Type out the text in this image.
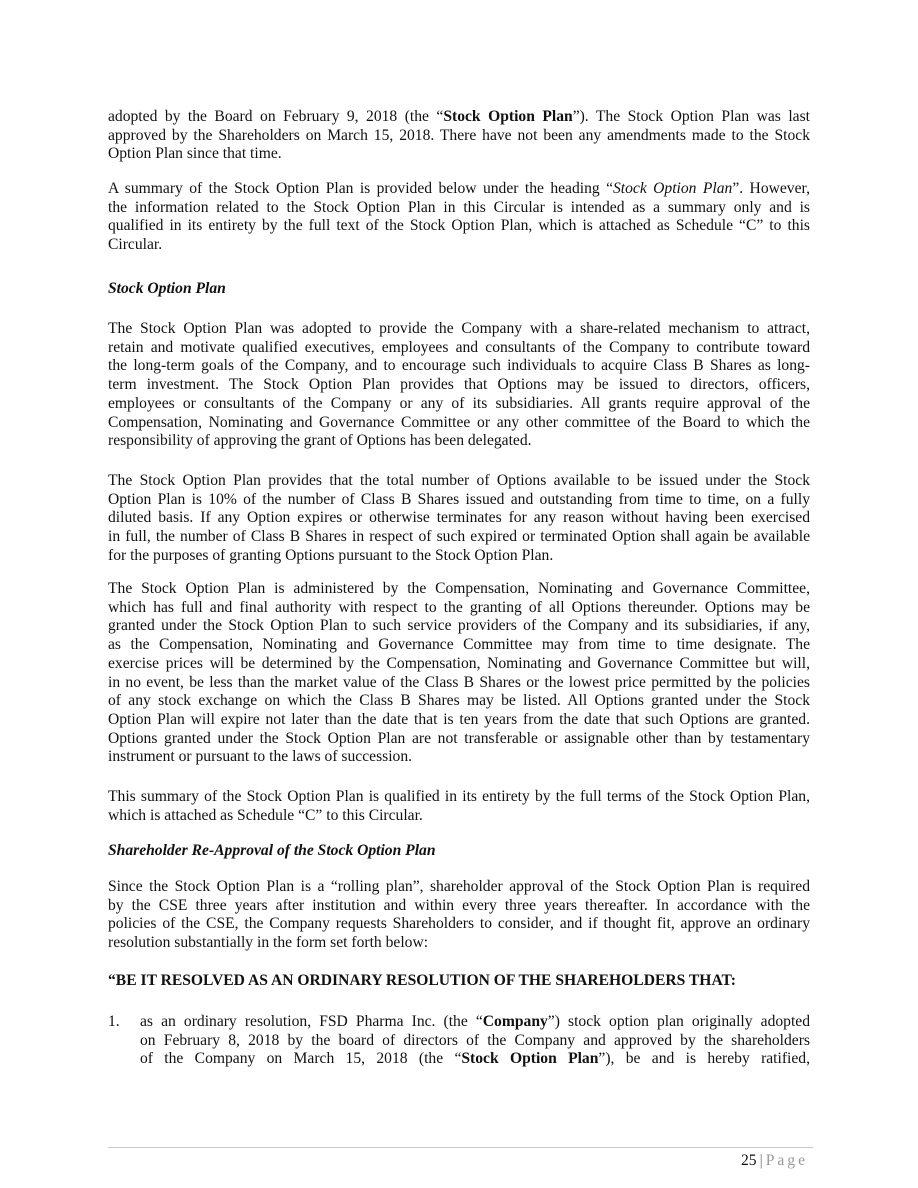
adopted by the Board on February 9, 2018 (the “Stock Option Plan”). The Stock Option Plan was last
approved by the Shareholders on March 15, 2018. There have not been any amendments made to the Stock
Option Plan since that time.
A summary of the Stock Option Plan is provided below under the heading “Stock Option Plan”. However,
the information related to the Stock Option Plan in this Circular is intended as a summary only and is
qualified in its entirety by the full text of the Stock Option Plan, which is attached as Schedule “C” to this
Circular.
Stock Option Plan
The Stock Option Plan was adopted to provide the Company with a share-related mechanism to attract,
retain and motivate qualified executives, employees and consultants of the Company to contribute toward
the long-term goals of the Company, and to encourage such individuals to acquire Class B Shares as long-
term investment. The Stock Option Plan provides that Options may be issued to directors, officers,
employees or consultants of the Company or any of its subsidiaries. All grants require approval of the
Compensation, Nominating and Governance Committee or any other committee of the Board to which the
responsibility of approving the grant of Options has been delegated.
The Stock Option Plan provides that the total number of Options available to be issued under the Stock
Option Plan is 10% of the number of Class B Shares issued and outstanding from time to time, on a fully
diluted basis. If any Option expires or otherwise terminates for any reason without having been exercised
in full, the number of Class B Shares in respect of such expired or terminated Option shall again be available
for the purposes of granting Options pursuant to the Stock Option Plan.
The Stock Option Plan is administered by the Compensation, Nominating and Governance Committee,
which has full and final authority with respect to the granting of all Options thereunder. Options may be
granted under the Stock Option Plan to such service providers of the Company and its subsidiaries, if any,
as the Compensation, Nominating and Governance Committee may from time to time designate. The
exercise prices will be determined by the Compensation, Nominating and Governance Committee but will,
in no event, be less than the market value of the Class B Shares or the lowest price permitted by the policies
of any stock exchange on which the Class B Shares may be listed. All Options granted under the Stock
Option Plan will expire not later than the date that is ten years from the date that such Options are granted.
Options granted under the Stock Option Plan are not transferable or assignable other than by testamentary
instrument or pursuant to the laws of succession.
This summary of the Stock Option Plan is qualified in its entirety by the full terms of the Stock Option Plan,
which is attached as Schedule “C” to this Circular.
Shareholder Re-Approval of the Stock Option Plan
Since the Stock Option Plan is a “rolling plan”, shareholder approval of the Stock Option Plan is required
by the CSE three years after institution and within every three years thereafter. In accordance with the
policies of the CSE, the Company requests Shareholders to consider, and if thought fit, approve an ordinary
resolution substantially in the form set forth below:
“BE IT RESOLVED AS AN ORDINARY RESOLUTION OF THE SHAREHOLDERS THAT:
1. as an ordinary resolution, FSD Pharma Inc. (the “Company”) stock option plan originally adopted
on February 8, 2018 by the board of directors of the Company and approved by the shareholders
of the Company on March 15, 2018 (the “Stock Option Plan”), be and is hereby ratified,
25 | Page
